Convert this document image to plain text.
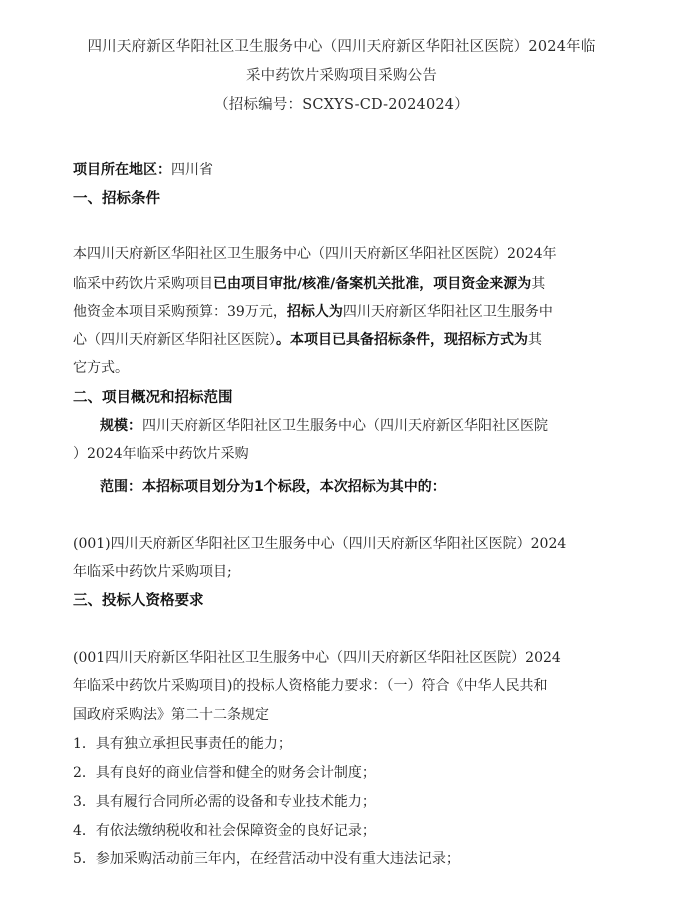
四川天府新区华阳社区卫生服务中心（四川天府新区华阳社区医院）2024年临
采中药饮片采购项目采购公告
（招标编号：SCXYS-CD-2024024）
项目所在地区：四川省
一、招标条件
本四川天府新区华阳社区卫生服务中心（四川天府新区华阳社区医院）2024年
临采中药饮片采购项目已由项目审批/核准/备案机关批准，项目资金来源为其
他资金本项目采购预算：39万元，招标人为四川天府新区华阳社区卫生服务中
心（四川天府新区华阳社区医院）。本项目已具备招标条件，现招标方式为其
它方式。
二、项目概况和招标范围
规模：四川天府新区华阳社区卫生服务中心（四川天府新区华阳社区医院
）2024年临采中药饮片采购
范围：本招标项目划分为1个标段，本次招标为其中的：
(001)四川天府新区华阳社区卫生服务中心（四川天府新区华阳社区医院）2024
年临采中药饮片采购项目;
三、投标人资格要求
(001四川天府新区华阳社区卫生服务中心（四川天府新区华阳社区医院）2024
年临采中药饮片采购项目)的投标人资格能力要求：（一）符合《中华人民共和
国政府采购法》第二十二条规定
1．具有独立承担民事责任的能力；
2．具有良好的商业信誉和健全的财务会计制度；
3．具有履行合同所必需的设备和专业技术能力；
4．有依法缴纳税收和社会保障资金的良好记录；
5．参加采购活动前三年内，在经营活动中没有重大违法记录；
